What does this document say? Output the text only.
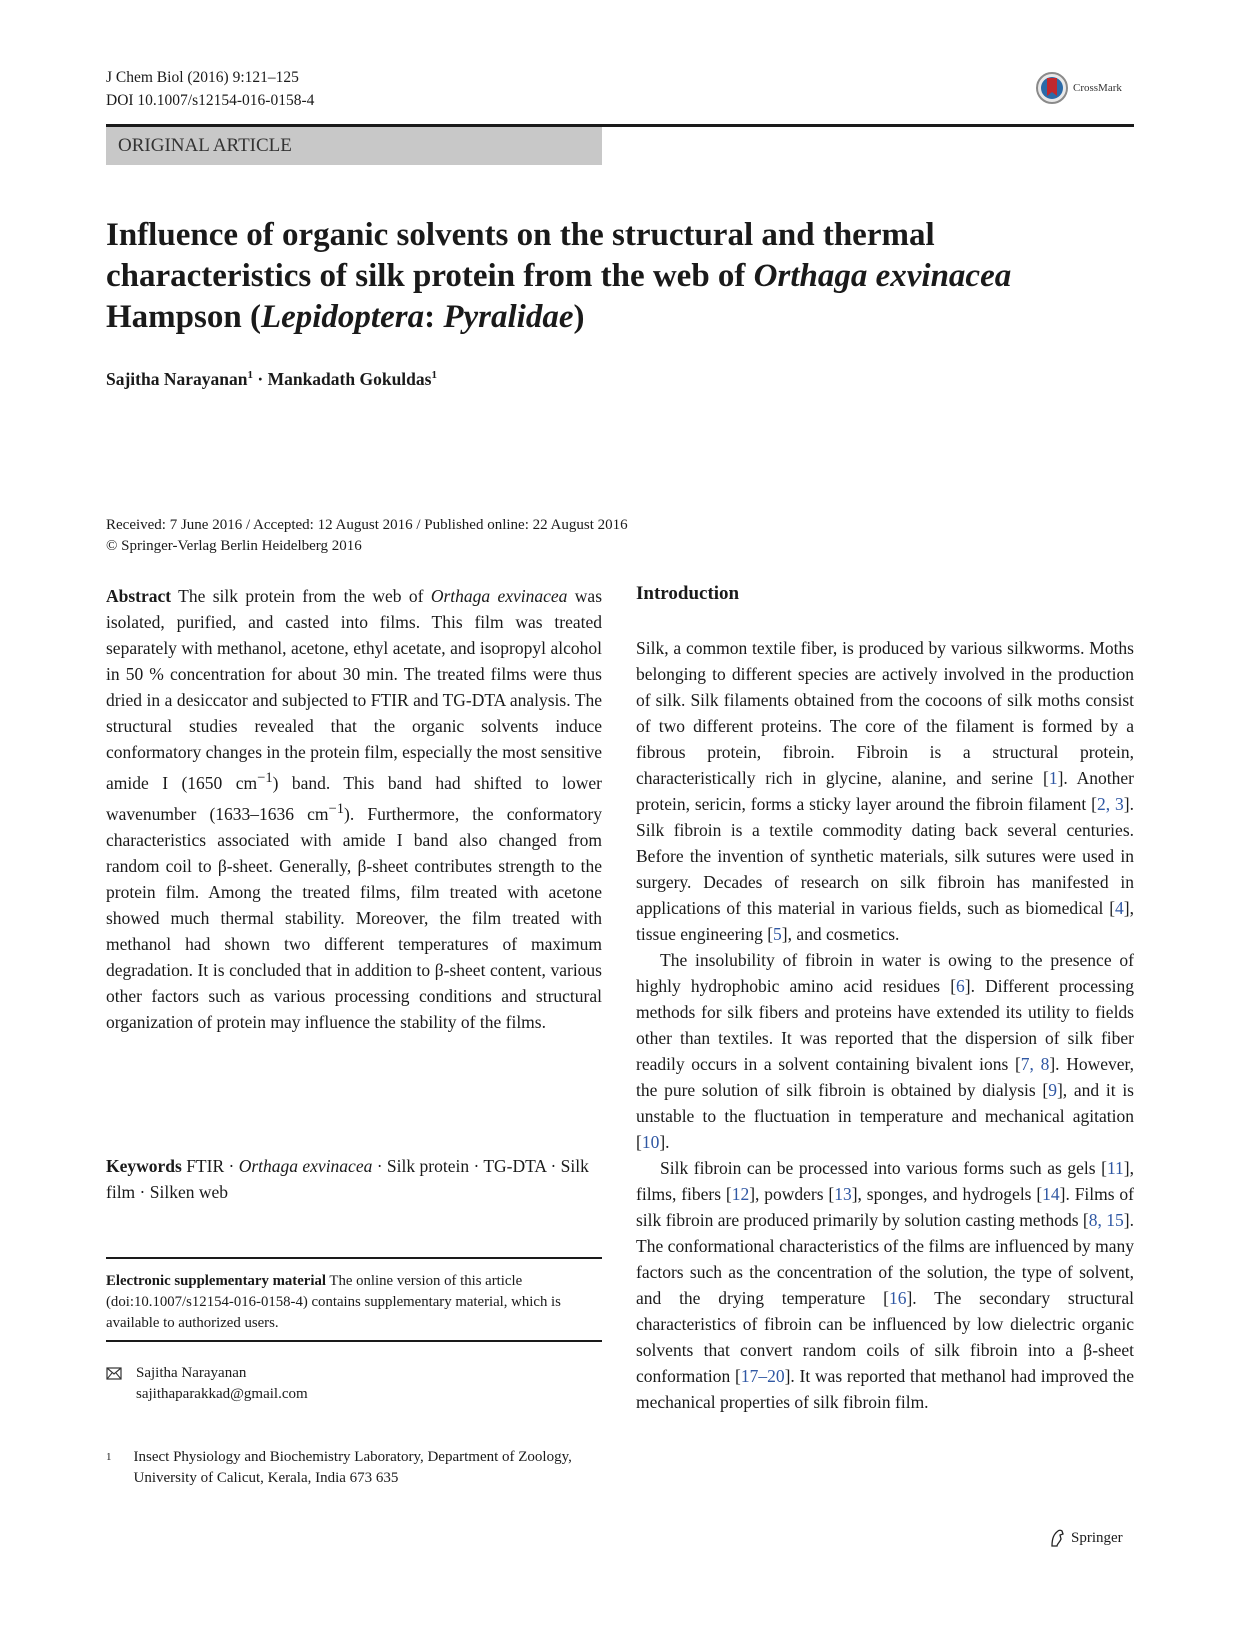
J Chem Biol (2016) 9:121–125
DOI 10.1007/s12154-016-0158-4
CrossMark
ORIGINAL ARTICLE
Influence of organic solvents on the structural and thermal characteristics of silk protein from the web of Orthaga exvinacea Hampson (Lepidoptera: Pyralidae)
Sajitha Narayanan$^1$ · Mankadath Gokuldas$^1$
Received: 7 June 2016 / Accepted: 12 August 2016 / Published online: 22 August 2016
© Springer-Verlag Berlin Heidelberg 2016
Abstract The silk protein from the web of Orthaga exvinacea was isolated, purified, and casted into films. This film was treated separately with methanol, acetone, ethyl acetate, and isopropyl alcohol in 50 % concentration for about 30 min. The treated films were thus dried in a desiccator and subjected to FTIR and TG-DTA analysis. The structural studies revealed that the organic solvents induce conformatory changes in the protein film, especially the most sensitive amide I (1650 $cm^{-1}$) band. This band had shifted to lower wavenumber (1633–1636 $cm^{-1}$). Furthermore, the conformatory characteristics associated with amide I band also changed from random coil to β-sheet. Generally, β-sheet contributes strength to the protein film. Among the treated films, film treated with acetone showed much thermal stability. Moreover, the film treated with methanol had shown two different temperatures of maximum degradation. It is concluded that in addition to β-sheet content, various other factors such as various processing conditions and structural organization of protein may influence the stability of the films.
Keywords FTIR · Orthaga exvinacea · Silk protein · TG-DTA · Silk film · Silken web
Electronic supplementary material The online version of this article (doi:10.1007/s12154-016-0158-4) contains supplementary material, which is available to authorized users.
Sajitha Narayanan
sajithaparakkad@gmail.com
1 Insect Physiology and Biochemistry Laboratory, Department of Zoology, University of Calicut, Kerala, India 673 635
Introduction

Silk, a common textile fiber, is produced by various silkworms. Moths belonging to different species are actively involved in the production of silk. Silk filaments obtained from the cocoons of silk moths consist of two different proteins. The core of the filament is formed by a fibrous protein, fibroin. Fibroin is a structural protein, characteristically rich in glycine, alanine, and serine [1]. Another protein, sericin, forms a sticky layer around the fibroin filament [2, 3]. Silk fibroin is a textile commodity dating back several centuries. Before the invention of synthetic materials, silk sutures were used in surgery. Decades of research on silk fibroin has manifested in applications of this material in various fields, such as biomedical [4], tissue engineering [5], and cosmetics.

The insolubility of fibroin in water is owing to the presence of highly hydrophobic amino acid residues [6]. Different processing methods for silk fibers and proteins have extended its utility to fields other than textiles. It was reported that the dispersion of silk fiber readily occurs in a solvent containing bivalent ions [7, 8]. However, the pure solution of silk fibroin is obtained by dialysis [9], and it is unstable to the fluctuation in temperature and mechanical agitation [10].

Silk fibroin can be processed into various forms such as gels [11], films, fibers [12], powders [13], sponges, and hydrogels [14]. Films of silk fibroin are produced primarily by solution casting methods [8, 15]. The conformational characteristics of the films are influenced by many factors such as the concentration of the solution, the type of solvent, and the drying temperature [16]. The secondary structural characteristics of fibroin can be influenced by low dielectric organic solvents that convert random coils of silk fibroin into a β-sheet conformation [17–20]. It was reported that methanol had improved the mechanical properties of silk fibroin film.

Springer
